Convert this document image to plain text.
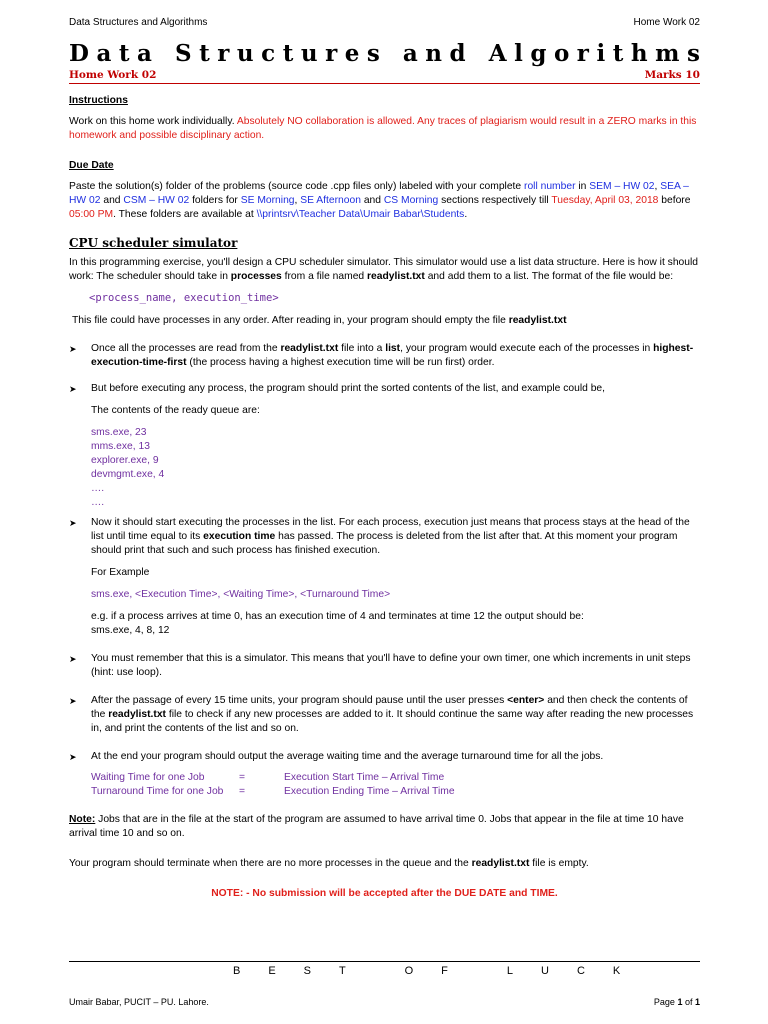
Data Structures and Algorithms	Home Work 02
D a t a
S t r u c t u r e s
a n d
A l g o r i t h m s
Home Work 02	Marks 10

Instructions

Work on this home work individually. Absolutely NO collaboration is allowed. Any traces of plagiarism would result in a ZERO marks in this homework and possible disciplinary action.

Due Date

Paste the solution(s) folder of the problems (source code .cpp files only) labeled with your complete roll number in SEM – HW 02, SEA – HW 02 and CSM – HW 02 folders for SE Morning, SE Afternoon and CS Morning sections respectively till Tuesday, April 03, 2018 before 05:00 PM. These folders are available at \\printsrv\Teacher Data\Umair Babar\Students.

CPU scheduler simulator

In this programming exercise, you'll design a CPU scheduler simulator. This simulator would use a list data structure. Here is how it should work: The scheduler should take in processes from a file named readylist.txt and add them to a list. The format of the file would be:

<process_name, execution_time>

This file could have processes in any order. After reading in, your program should empty the file readylist.txt

➤ Once all the processes are read from the readylist.txt file into a list, your program would execute each of the processes in highest-execution-time-first (the process having a highest execution time will be run first) order.

➤ But before executing any process, the program should print the sorted contents of the list, and example could be,

The contents of the ready queue are:

sms.exe, 23
mms.exe, 13
explorer.exe, 9
devmgmt.exe, 4
….
….

➤ Now it should start executing the processes in the list. For each process, execution just means that process stays at the head of the list until time equal to its execution time has passed. The process is deleted from the list after that. At this moment your program should print that such and such process has finished execution.

For Example

sms.exe, <Execution Time>, <Waiting Time>, <Turnaround Time>

e.g. if a process arrives at time 0, has an execution time of 4 and terminates at time 12 the output should be:

sms.exe, 4, 8, 12

➤ You must remember that this is a simulator. This means that you'll have to define your own timer, one which increments in unit steps (hint: use loop).

➤ After the passage of every 15 time units, your program should pause until the user presses <enter> and then check the contents of the readylist.txt file to check if any new processes are added to it. It should continue the same way after reading the new processes in, and print the contents of the list and so on.

➤ At the end your program should output the average waiting time and the average turnaround time for all the jobs.

Waiting Time for one Job	=	Execution Start Time – Arrival Time
Turnaround Time for one Job	=	Execution Ending Time – Arrival Time

Note: Jobs that are in the file at the start of the program are assumed to have arrival time 0. Jobs that appear in the file at time 10 have arrival time 10 and so on.

Your program should terminate when there are no more processes in the queue and the readylist.txt file is empty.

NOTE: - No submission will be accepted after the DUE DATE and TIME.

BEST OF LUCK
Umair Babar, PUCIT – PU. Lahore.	Page 1 of 1
